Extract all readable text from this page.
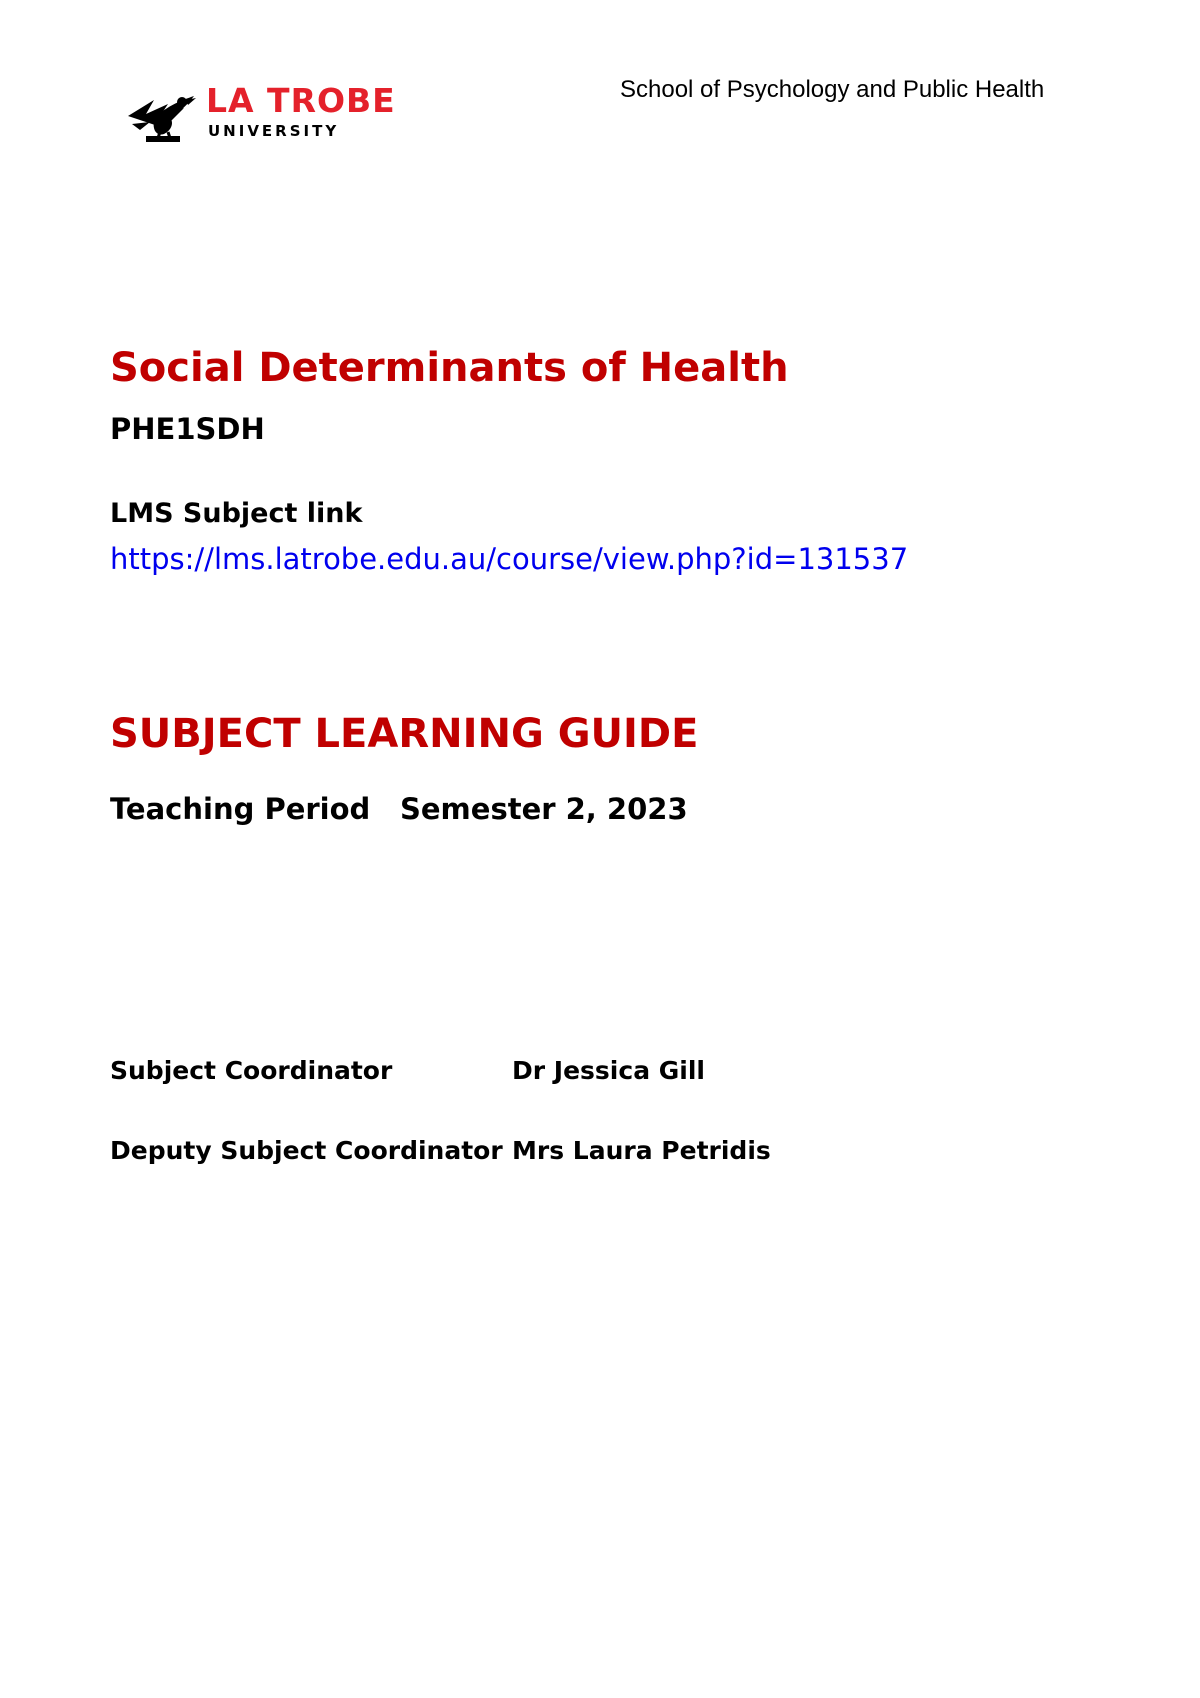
LA TROBE
UNIVERSITY
School of Psychology and Public Health
Social Determinants of Health
PHE1SDH
LMS Subject link
https://lms.latrobe.edu.au/course/view.php?id=131537
SUBJECT LEARNING GUIDE
Teaching Period Semester 2, 2023
Subject Coordinator	Dr Jessica Gill
Deputy Subject Coordinator Mrs Laura Petridis
